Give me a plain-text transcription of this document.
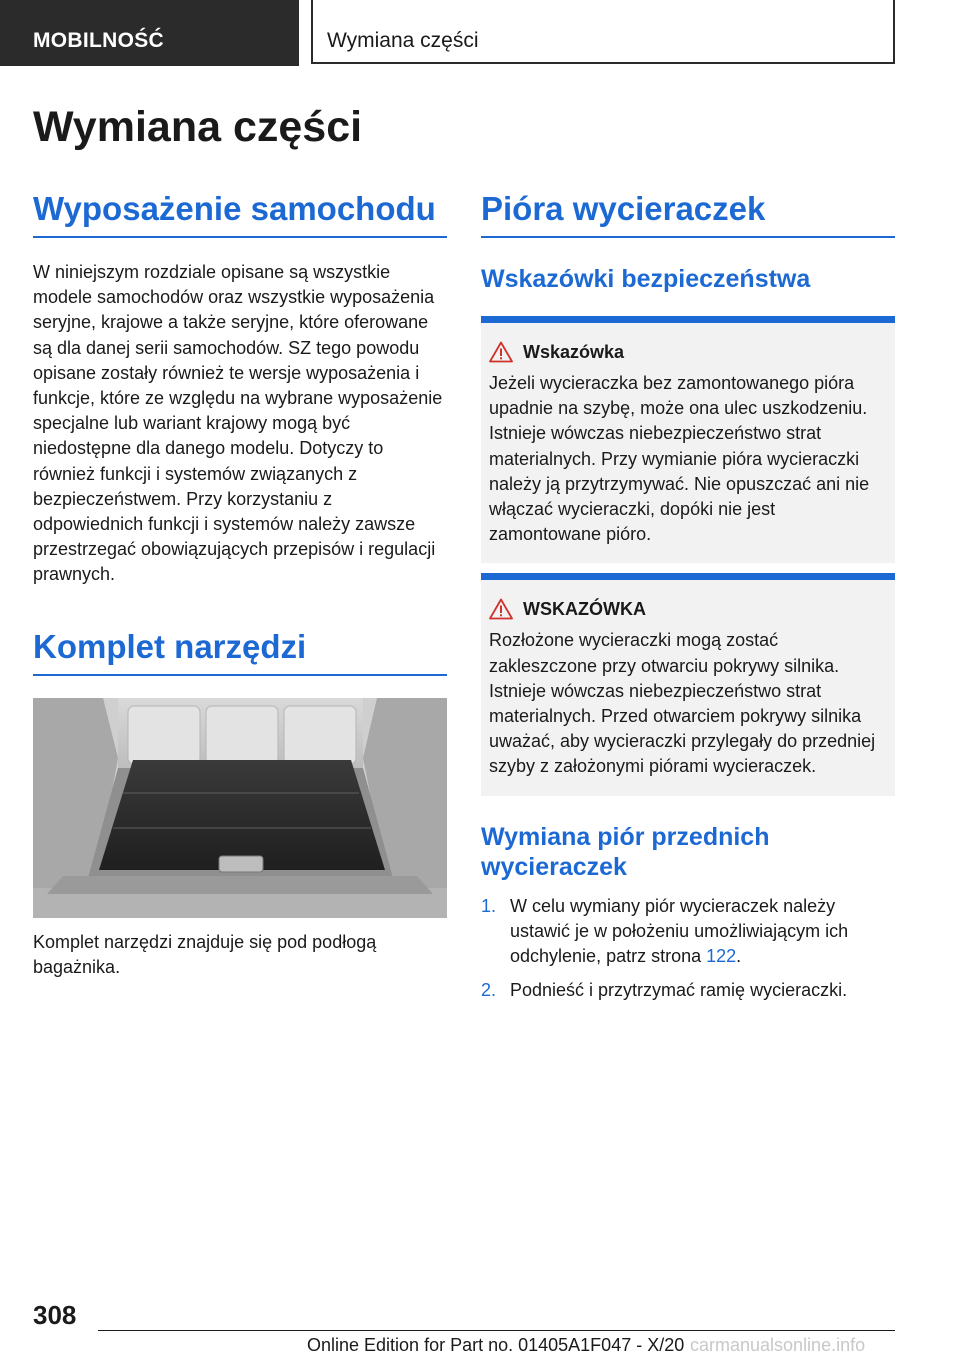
MOBILNOŚĆ	Wymiana części
Wymiana części
Wyposażenie samochodu

W niniejszym rozdziale opisane są wszystkie modele samochodów oraz wszystkie wyposażenia seryjne, krajowe a także seryjne, które oferowane są dla danej serii samochodów. SZ tego powodu opisane zostały również te wersje wyposażenia i funkcje, które ze względu na wybrane wyposażenie specjalne lub wariant krajowy mogą być niedostępne dla danego modelu. Dotyczy to również funkcji i systemów związanych z bezpieczeństwem. Przy korzystaniu z odpowiednich funkcji i systemów należy zawsze przestrzegać obowiązujących przepisów i regulacji prawnych.

Komplet narzędzi

Komplet narzędzi znajduje się pod podłogą bagażnika.

Pióra wycieraczek
Wskazówki bezpieczeństwa
Wskazówka

Jeżeli wycieraczka bez zamontowanego pióra upadnie na szybę, może ona ulec uszkodzeniu. Istnieje wówczas niebezpieczeństwo strat materialnych. Przy wymianie pióra wycieraczki należy ją przytrzymywać. Nie opuszczać ani nie włączać wycieraczki, dopóki nie jest zamontowane pióro.

WSKAZÓWKA

Rozłożone wycieraczki mogą zostać zakleszczone przy otwarciu pokrywy silnika. Istnieje wówczas niebezpieczeństwo strat materialnych. Przed otwarciem pokrywy silnika uważać, aby wycieraczki przylegały do przedniej szyby z założonymi piórami wycieraczek.

Wymiana piór przednich wycieraczek
1. W celu wymiany piór wycieraczek należy ustawić je w położeniu umożliwiającym ich odchylenie, patrz strona 122.
2. Podnieść i przytrzymać ramię wycieraczki.
308
Online Edition for Part no. 01405A1F047 - X/20 carmanualsonline.info
